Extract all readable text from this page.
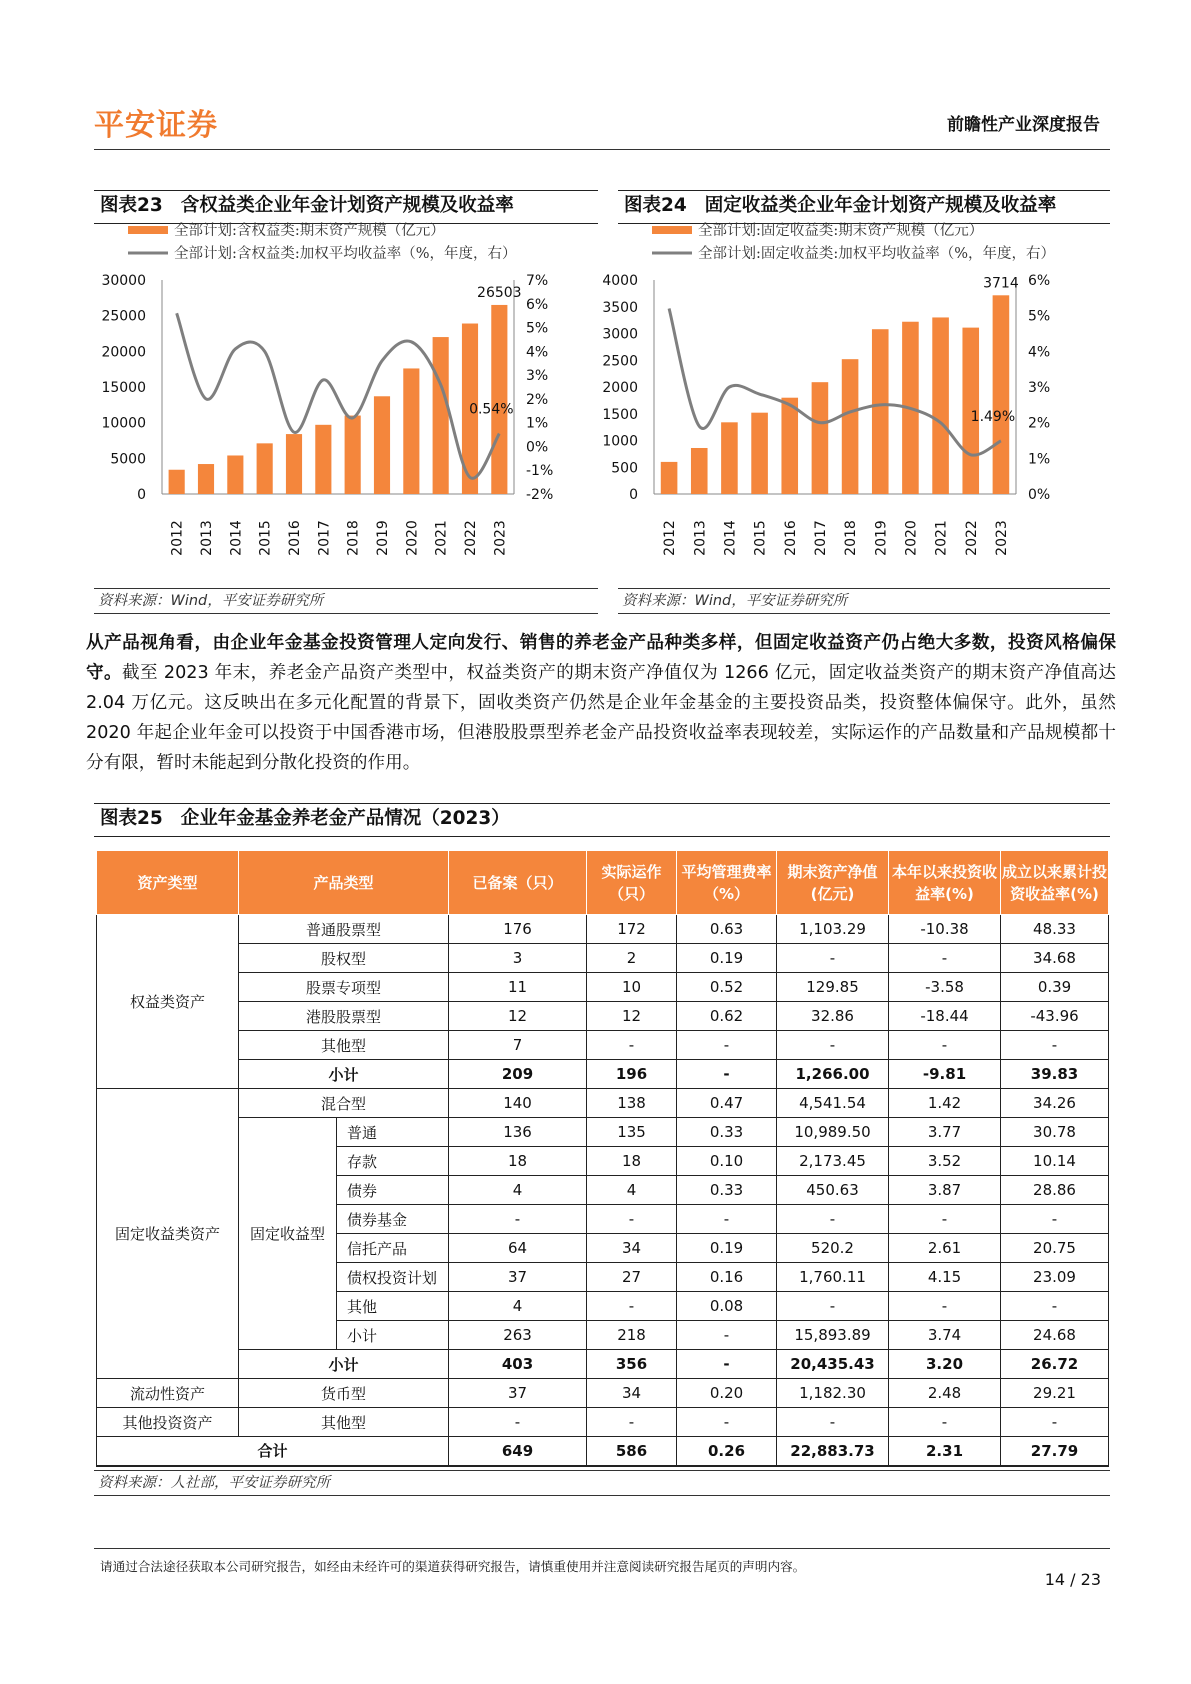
平安证券	前瞻性产业深度报告
图表23 含权益类企业年金计划资产规模及收益率
全部计划:含权益类:期末资产规模（亿元）
全部计划:含权益类:加权平均收益率（%，年度，右）
0
5000
10000
15000
20000
25000
30000
-2%
-1%
0%
1%
2%
3%
4%
5%
6%
7%
2012 2013 2014 2015 2016 2017 2018 2019 2020 2021 2022 2023
26503
0.54%
资料来源：Wind，平安证券研究所
图表24 固定收益类企业年金计划资产规模及收益率
全部计划:固定收益类:期末资产规模（亿元）
全部计划:固定收益类:加权平均收益率（%，年度，右）
0
500
1000
1500
2000
2500
3000
3500
4000
0%
1%
2%
3%
4%
5%
6%
2012 2013 2014 2015 2016 2017 2018 2019 2020 2021 2022 2023
3714
1.49%
资料来源：Wind，平安证券研究所
从产品视角看，由企业年金基金投资管理人定向发行、销售的养老金产品种类多样，但固定收益资产仍占绝大多数，投资风格偏保守。截至 2023 年末，养老金产品资产类型中，权益类资产的期末资产净值仅为 1266 亿元，固定收益类资产的期末资产净值高达 2.04 万亿元。这反映出在多元化配置的背景下，固收类资产仍然是企业年金基金的主要投资品类，投资整体偏保守。此外，虽然 2020 年起企业年金可以投资于中国香港市场，但港股股票型养老金产品投资收益率表现较差，实际运作的产品数量和产品规模都十分有限，暂时未能起到分散化投资的作用。
图表25 企业年金基金养老金产品情况（2023）
资产类型	产品类型		已备案（只）	实际运作（只）	平均管理费率（%）	期末资产净值(亿元)	本年以来投资收益率(%)	成立以来累计投资收益率(%)
权益类资产	普通股票型		176	172	0.63	1,103.29	-10.38	48.33
	股权型		3	2	0.19	-	-	34.68
	股票专项型		11	10	0.52	129.85	-3.58	0.39
	港股股票型		12	12	0.62	32.86	-18.44	-43.96
	其他型		7	-	-	-	-	-
	小计		209	196	-	1,266.00	-9.81	39.83
固定收益类资产	混合型		140	138	0.47	4,541.54	1.42	34.26
	固定收益型	普通	136	135	0.33	10,989.50	3.77	30.78
		存款	18	18	0.10	2,173.45	3.52	10.14
		债券	4	4	0.33	450.63	3.87	28.86
		债券基金	-	-	-	-	-	-
		信托产品	64	34	0.19	520.2	2.61	20.75
		债权投资计划	37	27	0.16	1,760.11	4.15	23.09
		其他	4	-	0.08	-	-	-
		小计	263	218	-	15,893.89	3.74	24.68
	小计		403	356	-	20,435.43	3.20	26.72
流动性资产	货币型		37	34	0.20	1,182.30	2.48	29.21
其他投资资产	其他型		-	-	-	-	-	-
合计			649	586	0.26	22,883.73	2.31	27.79
资料来源：人社部，平安证券研究所
请通过合法途径获取本公司研究报告，如经由未经许可的渠道获得研究报告，请慎重使用并注意阅读研究报告尾页的声明内容。
14 / 23
